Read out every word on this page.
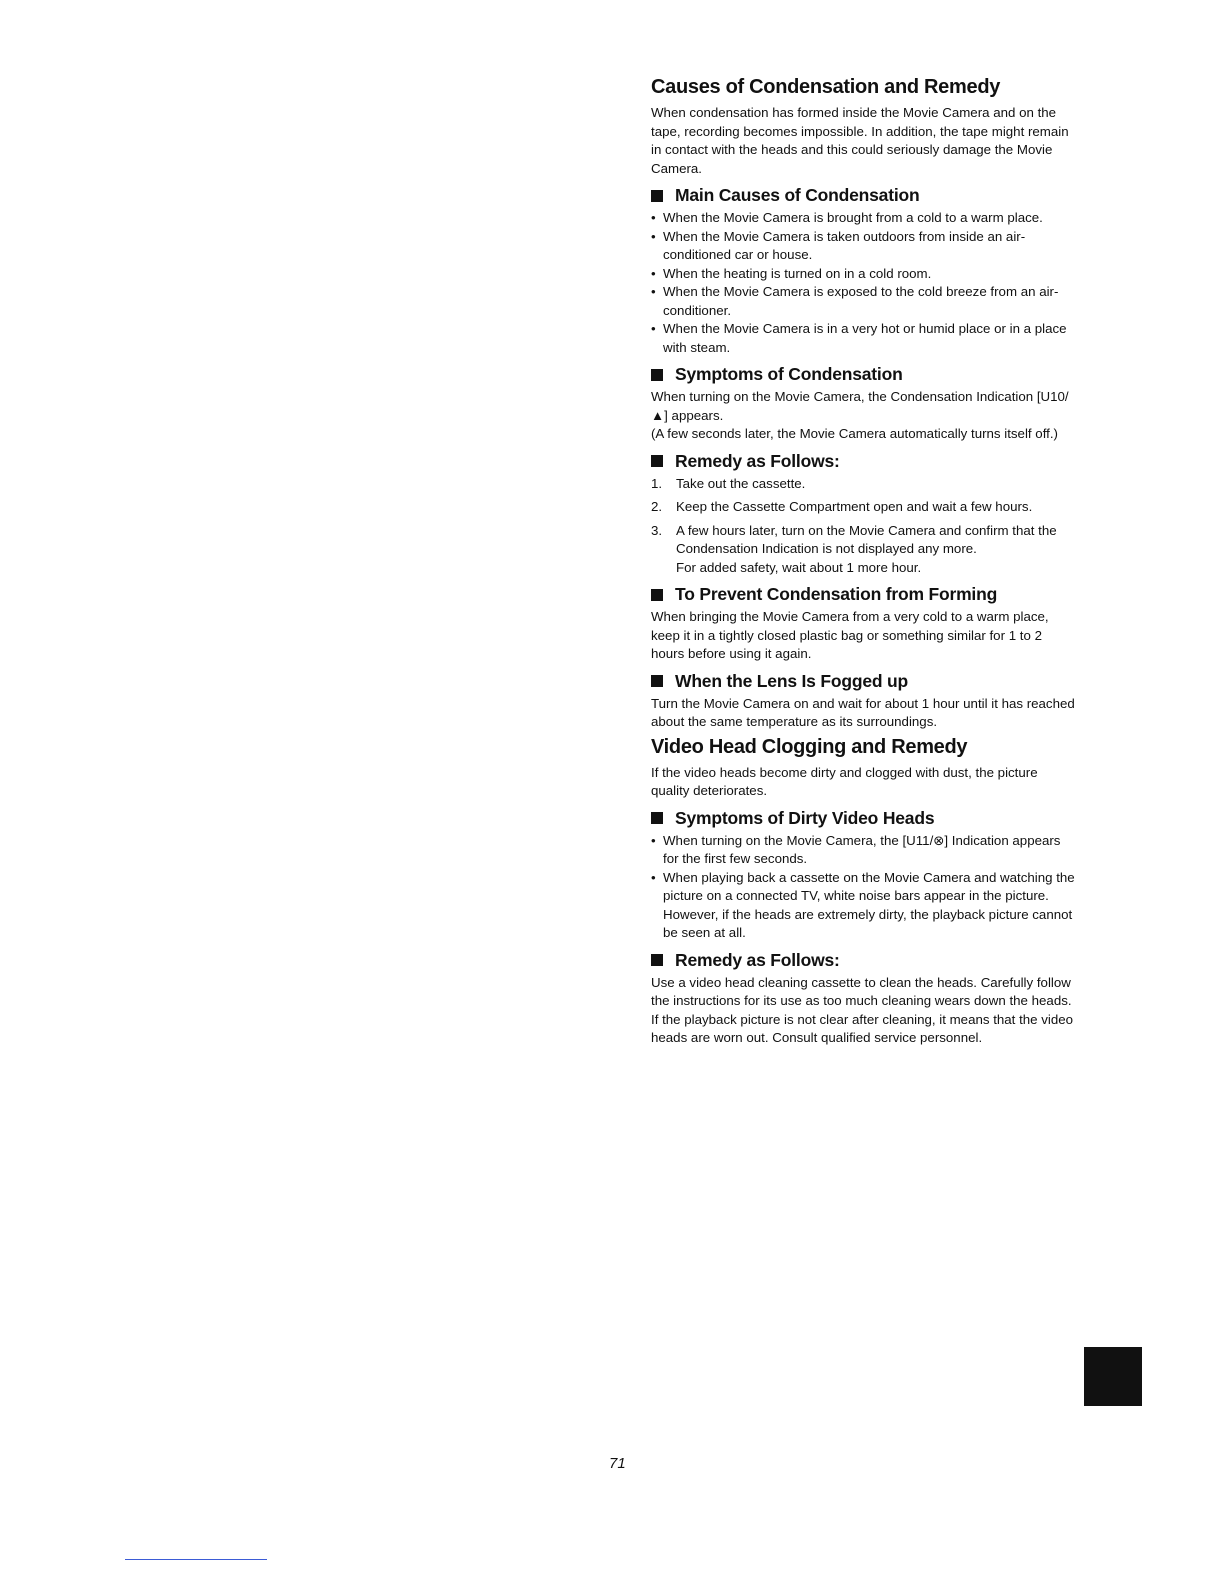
Causes of Condensation and Remedy

When condensation has formed inside the Movie Camera and on the tape, recording becomes impossible. In addition, the tape might remain in contact with the heads and this could seriously damage the Movie Camera.

Main Causes of Condensation
• When the Movie Camera is brought from a cold to a warm place.
• When the Movie Camera is taken outdoors from inside an air-conditioned car or house.
• When the heating is turned on in a cold room.
• When the Movie Camera is exposed to the cold breeze from an air-conditioner.
• When the Movie Camera is in a very hot or humid place or in a place with steam.
Symptoms of Condensation

When turning on the Movie Camera, the Condensation Indication [U10/▲] appears.

(A few seconds later, the Movie Camera automatically turns itself off.)

Remedy as Follows:
1. Take out the cassette.
2. Keep the Cassette Compartment open and wait a few hours.
3. A few hours later, turn on the Movie Camera and confirm that the Condensation Indication is not displayed any more.
For added safety, wait about 1 more hour.
To Prevent Condensation from Forming

When bringing the Movie Camera from a very cold to a warm place, keep it in a tightly closed plastic bag or something similar for 1 to 2 hours before using it again.

When the Lens Is Fogged up

Turn the Movie Camera on and wait for about 1 hour until it has reached about the same temperature as its surroundings.

Video Head Clogging and Remedy

If the video heads become dirty and clogged with dust, the picture quality deteriorates.

Symptoms of Dirty Video Heads
• When turning on the Movie Camera, the [U11/⊗] Indication appears for the first few seconds.
• When playing back a cassette on the Movie Camera and watching the picture on a connected TV, white noise bars appear in the picture. However, if the heads are extremely dirty, the playback picture cannot be seen at all.
Remedy as Follows:

Use a video head cleaning cassette to clean the heads. Carefully follow the instructions for its use as too much cleaning wears down the heads. If the playback picture is not clear after cleaning, it means that the video heads are worn out. Consult qualified service personnel.

71
